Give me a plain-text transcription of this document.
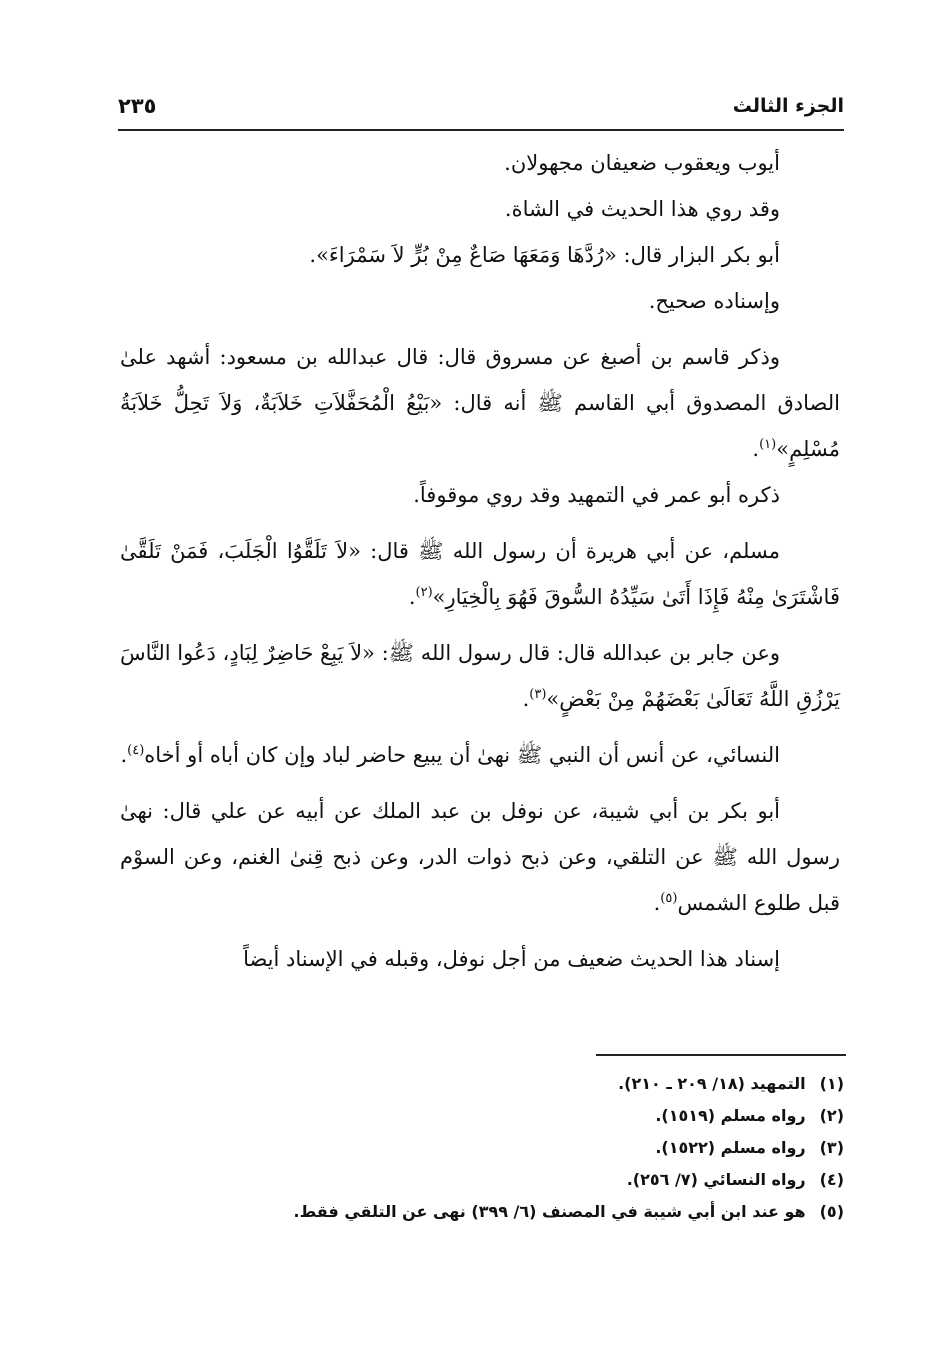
الجزء الثالث
٢٣٥

أيوب ويعقوب ضعيفان مجهولان.

وقد روي هذا الحديث في الشاة.

أبو بكر البزار قال: «رُدَّهَا وَمَعَهَا صَاعٌ مِنْ بُرٍّ لاَ سَمْرَاءَ».

وإسناده صحيح.

وذكر قاسم بن أصبغ عن مسروق قال: قال عبدالله بن مسعود: أشهد علىٰ الصادق المصدوق أبي القاسم ﷺ أنه قال: «بَيْعُ الْمُحَفَّلاَتِ خَلاَبَةٌ، وَلاَ تَحِلُّ خَلاَبَةُ مُسْلِمٍ»$^{(١)}$.

ذكره أبو عمر في التمهيد وقد روي موقوفاً.

مسلم، عن أبي هريرة أن رسول الله ﷺ قال: «لاَ تَلَقَّوُا الْجَلَبَ، فَمَنْ تَلَقَّىٰ فَاشْتَرَىٰ مِنْهُ فَإِذَا أَتَىٰ سَيِّدُهُ السُّوقَ فَهُوَ بِالْخِيَارِ»$^{(٢)}$.

وعن جابر بن عبدالله قال: قال رسول الله ﷺ: «لاَ يَبِعْ حَاضِرٌ لِبَادٍ، دَعُوا النَّاسَ يَرْزُقِ اللَّهُ تَعَالَىٰ بَعْضَهُمْ مِنْ بَعْضٍ»$^{(٣)}$.

النسائي، عن أنس أن النبي ﷺ نهىٰ أن يبيع حاضر لباد وإن كان أباه أو أخاه$^{(٤)}$.

أبو بكر بن أبي شيبة، عن نوفل بن عبد الملك عن أبيه عن علي قال: نهىٰ رسول الله ﷺ عن التلقي، وعن ذبح ذوات الدر، وعن ذبح قِنىٰ الغنم، وعن السوْم قبل طلوع الشمس$^{(٥)}$.

إسناد هذا الحديث ضعيف من أجل نوفل، وقبله في الإسناد أيضاً

(١)التمهيد (١٨/ ٢٠٩ ـ ٢١٠).

(٢)رواه مسلم (١٥١٩).

(٣)رواه مسلم (١٥٢٢).

(٤)رواه النسائي (٧/ ٢٥٦).

(٥)هو عند ابن أبي شيبة في المصنف (٦/ ٣٩٩) نهى عن التلقي فقط.
